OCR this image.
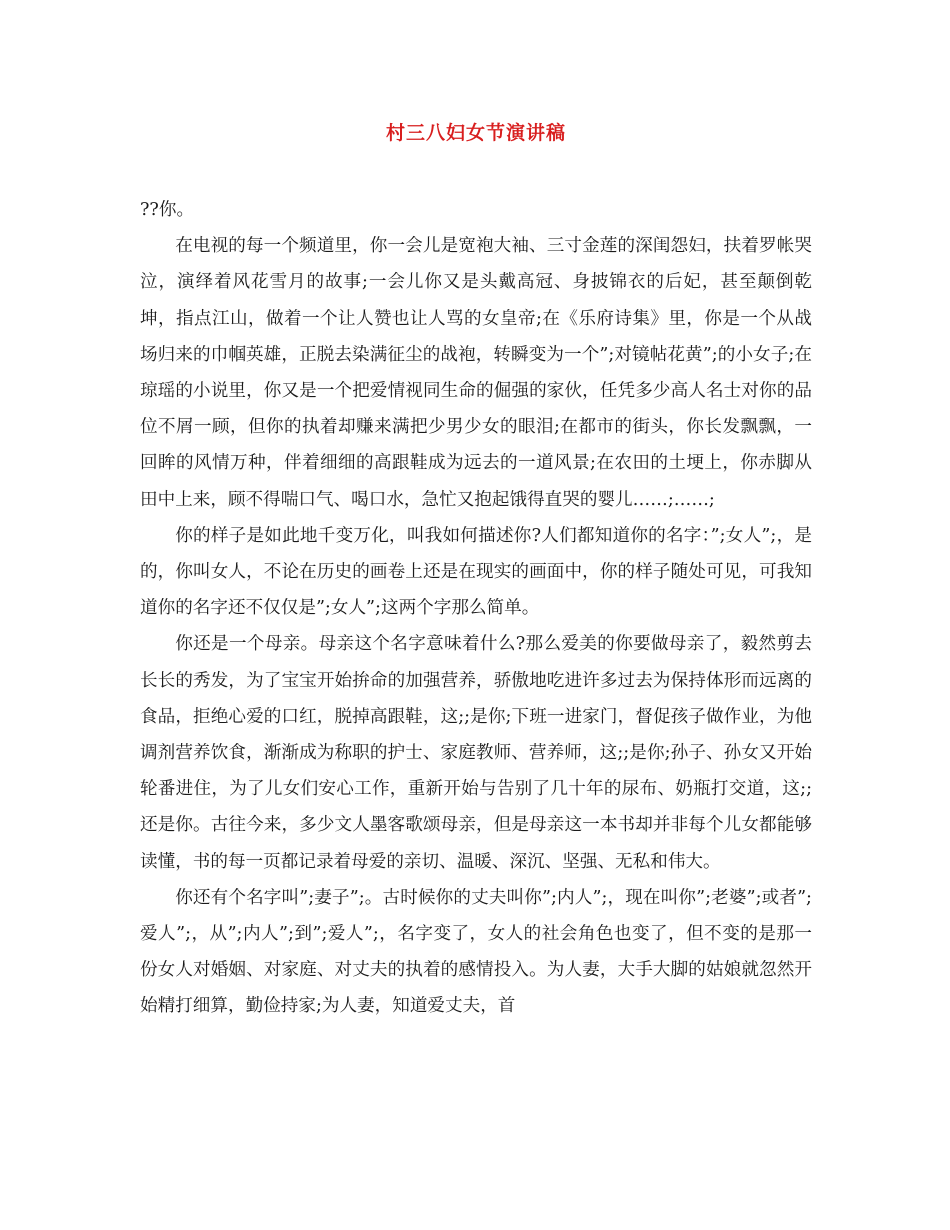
村三八妇女节演讲稿

??你。

在电视的每一个频道里，你一会儿是宽袍大袖、三寸金莲的深闺怨妇，扶着罗帐哭泣，演绎着风花雪月的故事;一会儿你又是头戴高冠、身披锦衣的后妃，甚至颠倒乾坤，指点江山，做着一个让人赞也让人骂的女皇帝;在《乐府诗集》里，你是一个从战场归来的巾帼英雄，正脱去染满征尘的战袍，转瞬变为一个”;对镜帖花黄”;的小女子;在琼瑶的小说里，你又是一个把爱情视同生命的倔强的家伙，任凭多少高人名士对你的品位不屑一顾，但你的执着却赚来满把少男少女的眼泪;在都市的街头，你长发飘飘，一回眸的风情万种，伴着细细的高跟鞋成为远去的一道风景;在农田的土埂上，你赤脚从田中上来，顾不得喘口气、喝口水，急忙又抱起饿得直哭的婴儿……;……;

你的样子是如此地千变万化，叫我如何描述你?人们都知道你的名字：”;女人”;，是的，你叫女人，不论在历史的画卷上还是在现实的画面中，你的样子随处可见，可我知道你的名字还不仅仅是”;女人”;这两个字那么简单。

你还是一个母亲。母亲这个名字意味着什么?那么爱美的你要做母亲了，毅然剪去长长的秀发，为了宝宝开始拚命的加强营养，骄傲地吃进许多过去为保持体形而远离的食品，拒绝心爱的口红，脱掉高跟鞋，这;;是你;下班一进家门，督促孩子做作业，为他调剂营养饮食，渐渐成为称职的护士、家庭教师、营养师，这;;是你;孙子、孙女又开始轮番进住，为了儿女们安心工作，重新开始与告别了几十年的尿布、奶瓶打交道，这;;还是你。古往今来，多少文人墨客歌颂母亲，但是母亲这一本书却并非每个儿女都能够读懂，书的每一页都记录着母爱的亲切、温暖、深沉、坚强、无私和伟大。

你还有个名字叫”;妻子”;。古时候你的丈夫叫你”;内人”;，现在叫你”;老婆”;或者”;爱人”;，从”;内人”;到”;爱人”;，名字变了，女人的社会角色也变了，但不变的是那一份女人对婚姻、对家庭、对丈夫的执着的感情投入。为人妻，大手大脚的姑娘就忽然开始精打细算，勤俭持家;为人妻，知道爱丈夫，首
